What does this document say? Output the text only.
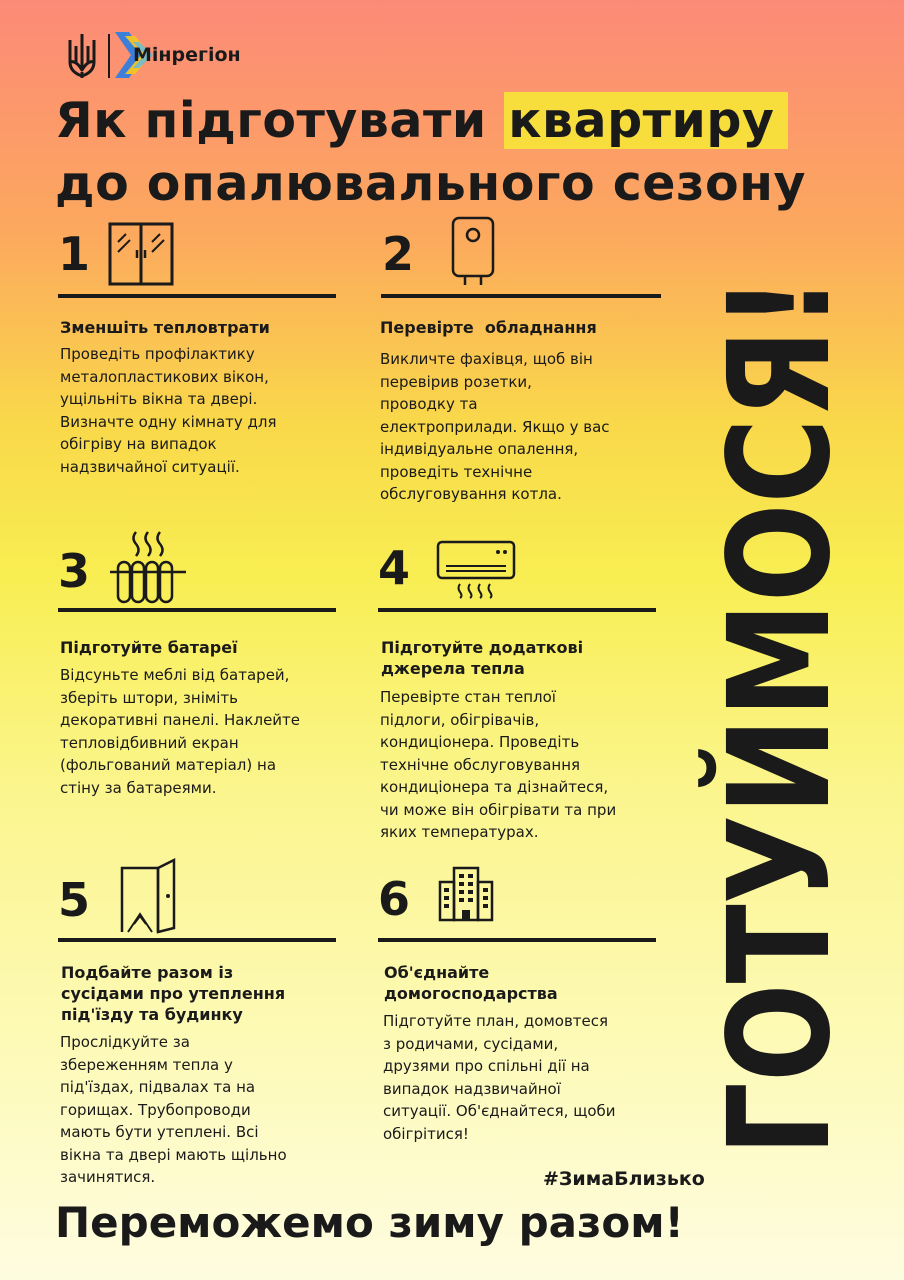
Мінрегіон
Як підготувати квартиру
до опалювального сезону
ГОТУЙМОСЯ!
1
Зменшіть тепловтрати
Проведіть профілактику
металопластикових вікон,
ущільніть вікна та двері.
Визначте одну кімнату для
обігріву на випадок
надзвичайної ситуації.
2
Перевірте  обладнання
Викличте фахівця, щоб він
перевірив розетки,
проводку та
електроприлади. Якщо у вас
індивідуальне опалення,
проведіть технічне
обслуговування котла.
3
Підготуйте батареї
Відсуньте меблі від батарей,
зберіть штори, зніміть
декоративні панелі. Наклейте
тепловідбивний екран
(фольгований матеріал) на
стіну за батареями.
4
Підготуйте додаткові
джерела тепла
Перевірте стан теплої
підлоги, обігрівачів,
кондиціонера. Проведіть
технічне обслуговування
кондиціонера та дізнайтеся,
чи може він обігрівати та при
яких температурах.
5
Подбайте разом із
сусідами про утеплення
під'їзду та будинку
Прослідкуйте за
збереженням тепла у
під'їздах, підвалах та на
горищах. Трубопроводи
мають бути утеплені. Всі
вікна та двері мають щільно
зачинятися.
6
Об'єднайте
домогосподарства
Підготуйте план, домовтеся
з родичами, сусідами,
друзями про спільні дії на
випадок надзвичайної
ситуації. Об'єднайтеся, щоби
обігрітися!
#ЗимаБлизько
Переможемо зиму разом!
